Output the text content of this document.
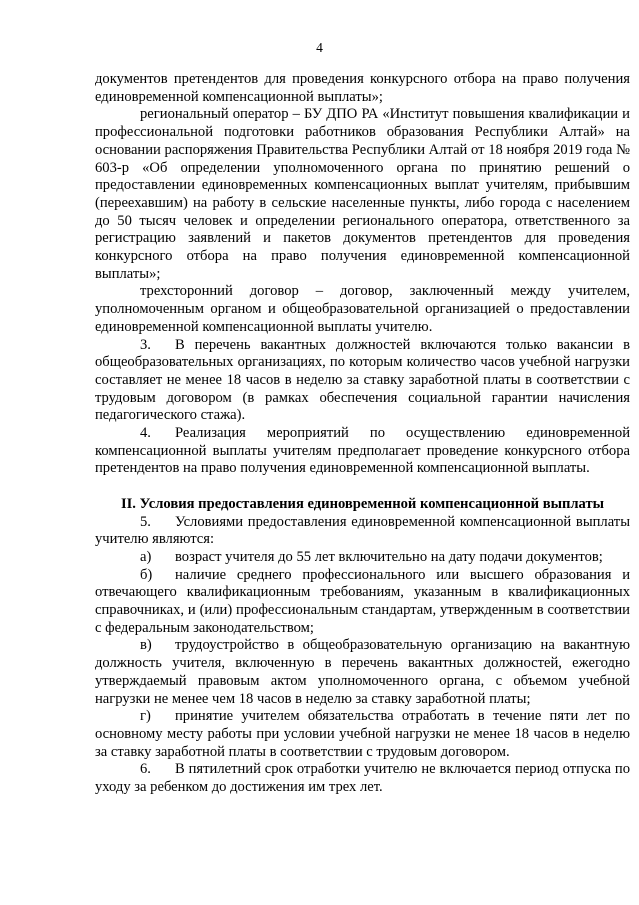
4

документов претендентов для проведения конкурсного отбора на право получения единовременной компенсационной выплаты»;

региональный оператор – БУ ДПО РА «Институт повышения квалификации и профессиональной подготовки работников образования Республики Алтай» на основании распоряжения Правительства Республики Алтай от 18 ноября 2019 года № 603-р «Об определении уполномоченного органа по принятию решений о предоставлении единовременных компенсационных выплат учителям, прибывшим (переехавшим) на работу в сельские населенные пункты, либо города с населением до 50 тысяч человек и определении регионального оператора, ответственного за регистрацию заявлений и пакетов документов претендентов для проведения конкурсного отбора на право получения единовременной компенсационной выплаты»;

трехсторонний договор – договор, заключенный между учителем, уполномоченным органом и общеобразовательной организацией о предоставлении единовременной компенсационной выплаты учителю.

3. В перечень вакантных должностей включаются только вакансии в общеобразовательных организациях, по которым количество часов учебной нагрузки составляет не менее 18 часов в неделю за ставку заработной платы в соответствии с трудовым договором (в рамках обеспечения социальной гарантии начисления педагогического стажа).

4. Реализация мероприятий по осуществлению единовременной компенсационной выплаты учителям предполагает проведение конкурсного отбора претендентов на право получения единовременной компенсационной выплаты.

II. Условия предоставления единовременной компенсационной выплаты

5. Условиями предоставления единовременной компенсационной выплаты учителю являются:

а) возраст учителя до 55 лет включительно на дату подачи документов;

б) наличие среднего профессионального или высшего образования и отвечающего квалификационным требованиям, указанным в квалификационных справочниках, и (или) профессиональным стандартам, утвержденным в соответствии с федеральным законодательством;

в) трудоустройство в общеобразовательную организацию на вакантную должность учителя, включенную в перечень вакантных должностей, ежегодно утверждаемый правовым актом уполномоченного органа, с объемом учебной нагрузки не менее чем 18 часов в неделю за ставку заработной платы;

г) принятие учителем обязательства отработать в течение пяти лет по основному месту работы при условии учебной нагрузки не менее 18 часов в неделю за ставку заработной платы в соответствии с трудовым договором.

6. В пятилетний срок отработки учителю не включается период отпуска по уходу за ребенком до достижения им трех лет.
